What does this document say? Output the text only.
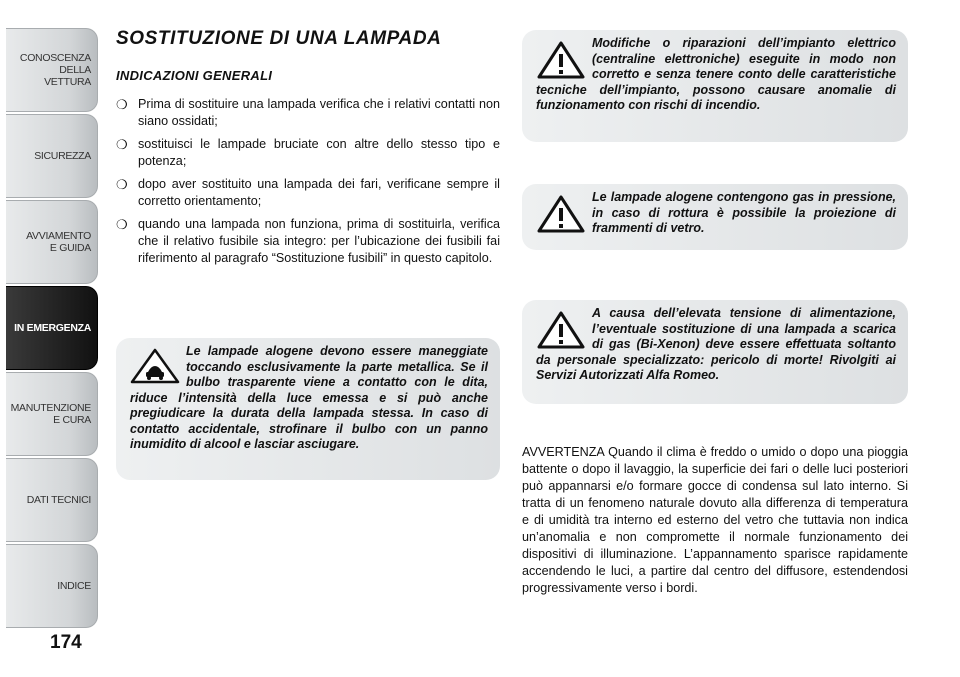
CONOSCENZA
DELLA
VETTURA
SICUREZZA
AVVIAMENTO
E GUIDA
IN EMERGENZA
MANUTENZIONE
E CURA
DATI TECNICI
INDICE
174
SOSTITUZIONE DI UNA LAMPADA
INDICAZIONI GENERALI
❍ Prima di sostituire una lampada verifica che i relativi contatti non siano ossidati;
❍ sostituisci le lampade bruciate con altre dello stesso tipo e potenza;
❍ dopo aver sostituito una lampada dei fari, verificane sempre il corretto orientamento;
❍ quando una lampada non funziona, prima di sostituirla, verifica che il relativo fusibile sia integro: per l’ubicazione dei fusibili fai riferimento al paragrafo “Sostituzione fusibili” in questo capitolo.
Le lampade alogene devono essere maneggiate toccando esclusivamente la parte metallica. Se il bulbo trasparente viene a contatto con le dita, riduce l’intensità della luce emessa e si può anche pregiudicare la durata della lampada stessa. In caso di contatto accidentale, strofinare il bulbo con un panno inumidito di alcool e lasciar asciugare.
Modifiche o riparazioni dell’impianto elettrico (centraline elettroniche) eseguite in modo non corretto e senza tenere conto delle caratteristiche tecniche dell’impianto, possono causare anomalie di funzionamento con rischi di incendio.
Le lampade alogene contengono gas in pressione, in caso di rottura è possibile la proiezione di frammenti di vetro.
A causa dell’elevata tensione di alimentazione, l’eventuale sostituzione di una lampada a scarica di gas (Bi-Xenon) deve essere effettuata soltanto da personale specializzato: pericolo di morte! Rivolgiti ai Servizi Autorizzati Alfa Romeo.

AVVERTENZA Quando il clima è freddo o umido o dopo una pioggia battente o dopo il lavaggio, la superficie dei fari o delle luci posteriori può appannarsi e/o formare gocce di condensa sul lato interno. Si tratta di un fenomeno naturale dovuto alla differenza di temperatura e di umidità tra interno ed esterno del vetro che tuttavia non indica un’anomalia e non compromette il normale funzionamento dei dispositivi di illuminazione. L’appannamento sparisce rapidamente accendendo le luci, a partire dal centro del diffusore, estendendosi progressivamente verso i bordi.
